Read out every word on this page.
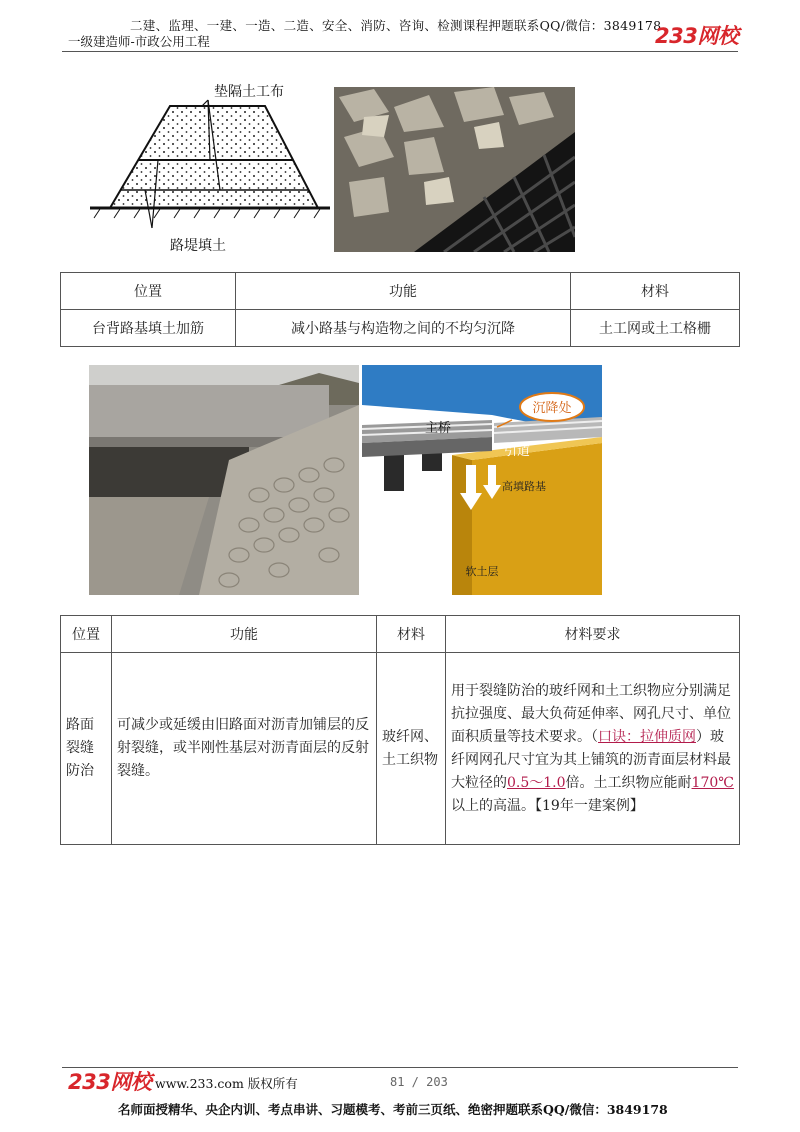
二建、监理、一建、一造、二造、安全、消防、咨询、检测课程押题联系QQ/微信：3849178
一级建造师-市政公用工程	233网校
垫隔土工布
路堤填土
位置	功能	材料
台背路基填土加筋	减小路基与构造物之间的不均匀沉降	土工网或土工格栅
沉降处
主桥
引道
高填路基
软土层
位置	功能	材料	材料要求
路面裂缝防治	可减少或延缓由旧路面对沥青加铺层的反射裂缝，或半刚性基层对沥青面层的反射裂缝。	玻纤网、土工织物	用于裂缝防治的玻纤网和土工织物应分别满足抗拉强度、最大负荷延伸率、网孔尺寸、单位面积质量等技术要求。（口诀：拉伸质网）玻纤网网孔尺寸宜为其上铺筑的沥青面层材料最大粒径的0.5～1.0倍。土工织物应能耐170℃以上的高温。【19年一建案例】
233网校 www.233.com 版权所有	81 / 203
名师面授精华、央企内训、考点串讲、习题模考、考前三页纸、绝密押题联系QQ/微信：3849178
